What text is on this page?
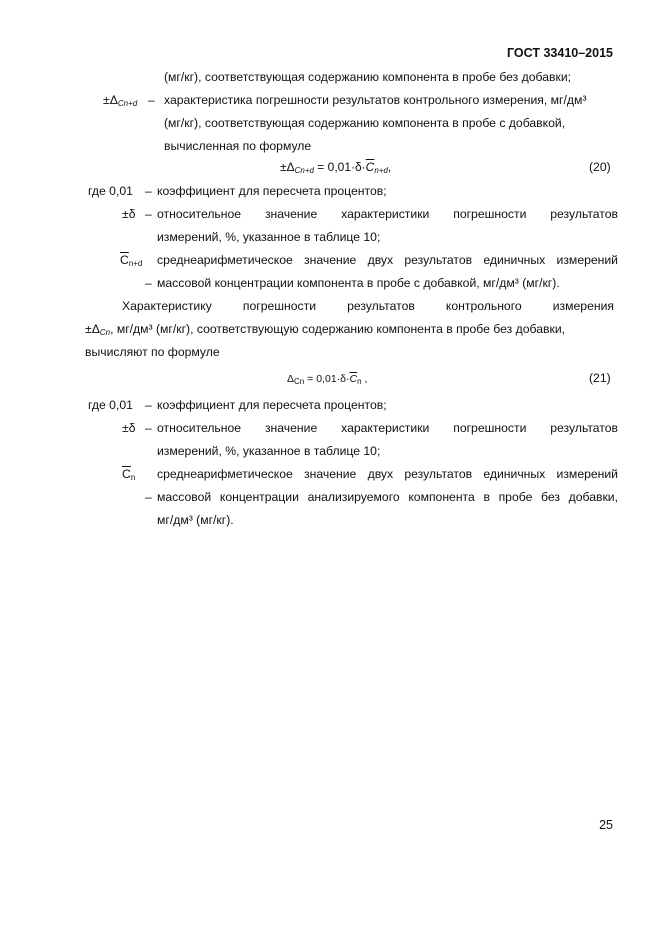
ГОСТ 33410–2015
(мг/кг), соответствующая содержанию компонента в пробе без добавки;
$\pm\Delta_{Cn+d}$ – характеристика погрешности результатов контрольного измерения, мг/дм³
(мг/кг), соответствующая содержанию компонента в пробе с добавкой,
вычисленная по формуле
$\pm\Delta_{Cn+d} = 0,01\cdot\delta\cdot\overline{C}_{n+d}$,	(20)
где 0,01 – коэффициент для пересчета процентов;
±δ – относительное значение характеристики погрешности результатов
измерений, %, указанное в таблице 10;
$\overline{C}_{n+d}$ среднеарифметическое значение двух результатов единичных измерений
– массовой концентрации компонента в пробе с добавкой, мг/дм³ (мг/кг).
Характеристику погрешности результатов контрольного измерения
$\pm\Delta_{Cn}$, мг/дм³ (мг/кг), соответствующую содержанию компонента в пробе без добавки,
вычисляют по формуле
$\Delta_{Cn} = 0,01\cdot\delta\cdot\overline{C}_n$ ,	(21)
где 0,01 – коэффициент для пересчета процентов;
±δ – относительное значение характеристики погрешности результатов
измерений, %, указанное в таблице 10;
$\overline{C}_n$ среднеарифметическое значение двух результатов единичных измерений
– массовой концентрации анализируемого компонента в пробе без добавки,
мг/дм³ (мг/кг).
25
